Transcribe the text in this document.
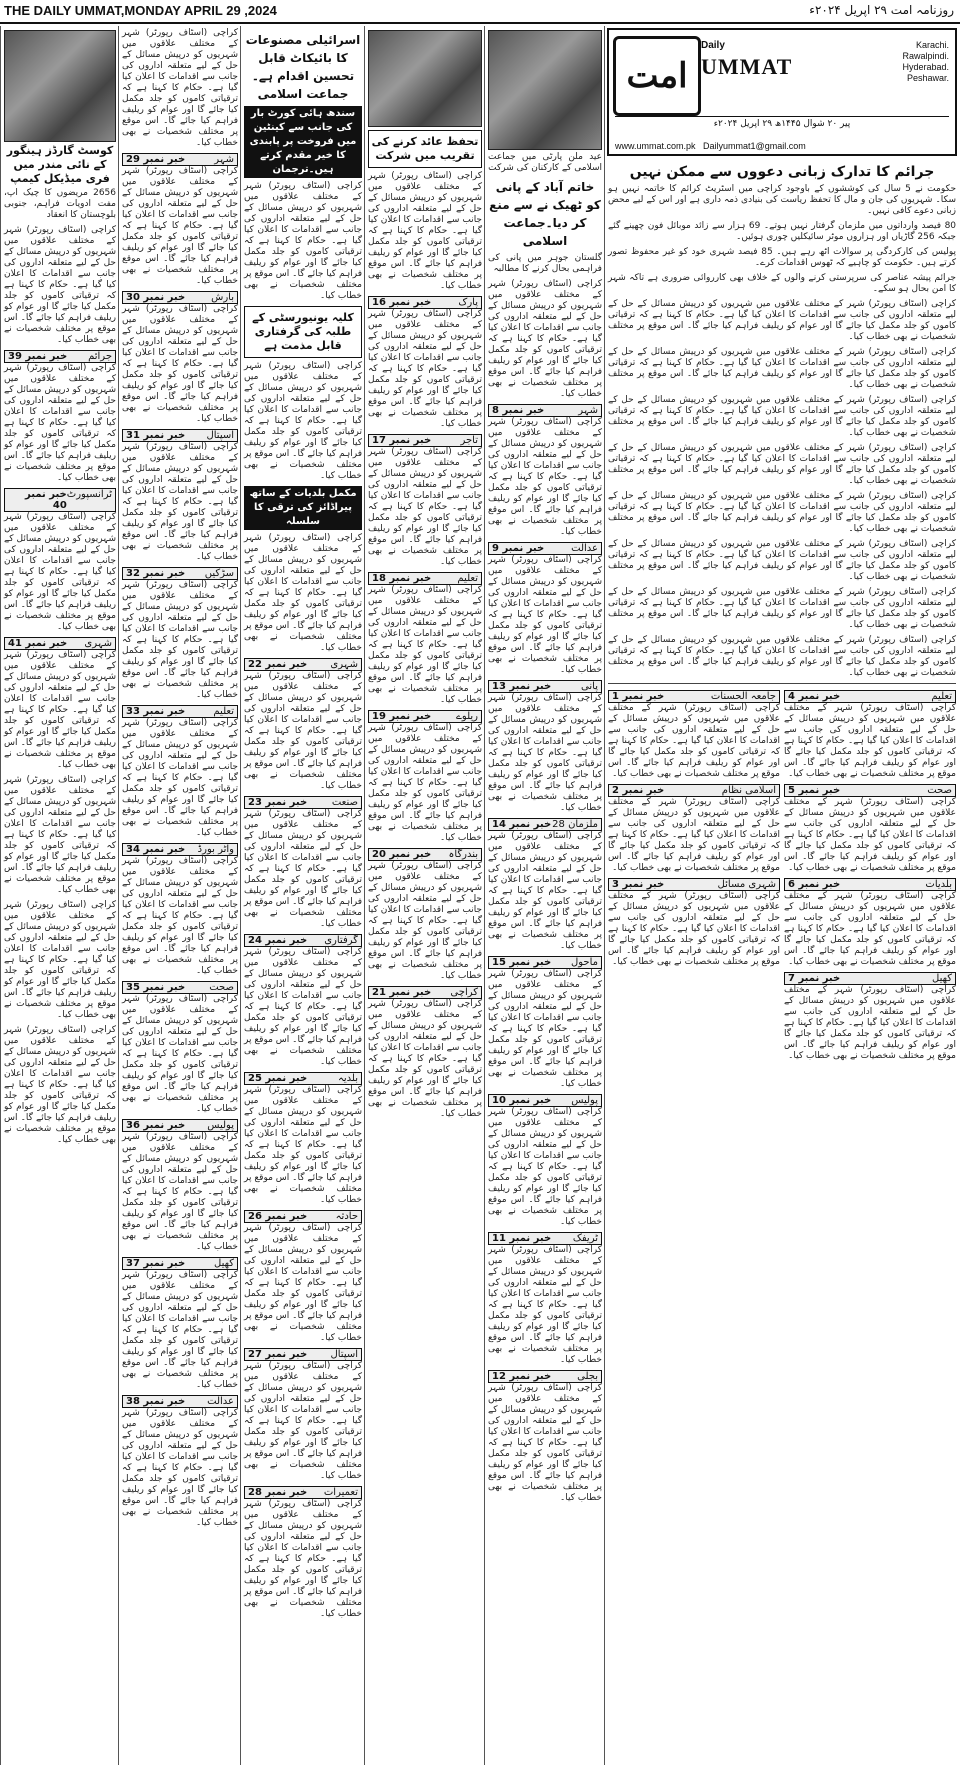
THE DAILY UMMAT,MONDAY APRIL 29 ,2024	روزنامہ امت ۲۹ اپریل ۲۰۲۴ء
کوسٹ گارڈز ہینگور کے نائی مندر میں فری میڈیکل کیمپ
2656 مریضوں کا چیک اپ، مفت ادویات فراہم، جنوبی بلوچستان کا انعقاد
کراچی (اسٹاف رپورٹر) شہر کے مختلف علاقوں میں شہریوں کو درپیش مسائل کے حل کے لیے متعلقہ اداروں کی جانب سے اقدامات کا اعلان کیا گیا ہے۔ حکام کا کہنا ہے کہ ترقیاتی کاموں کو جلد مکمل کیا جائے گا اور عوام کو ریلیف فراہم کیا جائے گا۔ اس موقع پر مختلف شخصیات نے بھی خطاب کیا۔
خبر نمبر 39 جرائم
کراچی (اسٹاف رپورٹر) شہر کے مختلف علاقوں میں شہریوں کو درپیش مسائل کے حل کے لیے متعلقہ اداروں کی جانب سے اقدامات کا اعلان کیا گیا ہے۔ حکام کا کہنا ہے کہ ترقیاتی کاموں کو جلد مکمل کیا جائے گا اور عوام کو ریلیف فراہم کیا جائے گا۔ اس موقع پر مختلف شخصیات نے بھی خطاب کیا۔
خبر نمبر 40
ٹرانسپورٹ
کراچی (اسٹاف رپورٹر) شہر کے مختلف علاقوں میں شہریوں کو درپیش مسائل کے حل کے لیے متعلقہ اداروں کی جانب سے اقدامات کا اعلان کیا گیا ہے۔ حکام کا کہنا ہے کہ ترقیاتی کاموں کو جلد مکمل کیا جائے گا اور عوام کو ریلیف فراہم کیا جائے گا۔ اس موقع پر مختلف شخصیات نے بھی خطاب کیا۔
خبر نمبر 41 شہری
کراچی (اسٹاف رپورٹر) شہر کے مختلف علاقوں میں شہریوں کو درپیش مسائل کے حل کے لیے متعلقہ اداروں کی جانب سے اقدامات کا اعلان کیا گیا ہے۔ حکام کا کہنا ہے کہ ترقیاتی کاموں کو جلد مکمل کیا جائے گا اور عوام کو ریلیف فراہم کیا جائے گا۔ اس موقع پر مختلف شخصیات نے بھی خطاب کیا۔
کراچی (اسٹاف رپورٹر) شہر کے مختلف علاقوں میں شہریوں کو درپیش مسائل کے حل کے لیے متعلقہ اداروں کی جانب سے اقدامات کا اعلان کیا گیا ہے۔ حکام کا کہنا ہے کہ ترقیاتی کاموں کو جلد مکمل کیا جائے گا اور عوام کو ریلیف فراہم کیا جائے گا۔ اس موقع پر مختلف شخصیات نے بھی خطاب کیا۔
کراچی (اسٹاف رپورٹر) شہر کے مختلف علاقوں میں شہریوں کو درپیش مسائل کے حل کے لیے متعلقہ اداروں کی جانب سے اقدامات کا اعلان کیا گیا ہے۔ حکام کا کہنا ہے کہ ترقیاتی کاموں کو جلد مکمل کیا جائے گا اور عوام کو ریلیف فراہم کیا جائے گا۔ اس موقع پر مختلف شخصیات نے بھی خطاب کیا۔
کراچی (اسٹاف رپورٹر) شہر کے مختلف علاقوں میں شہریوں کو درپیش مسائل کے حل کے لیے متعلقہ اداروں کی جانب سے اقدامات کا اعلان کیا گیا ہے۔ حکام کا کہنا ہے کہ ترقیاتی کاموں کو جلد مکمل کیا جائے گا اور عوام کو ریلیف فراہم کیا جائے گا۔ اس موقع پر مختلف شخصیات نے بھی خطاب کیا۔
کراچی (اسٹاف رپورٹر) شہر کے مختلف علاقوں میں شہریوں کو درپیش مسائل کے حل کے لیے متعلقہ اداروں کی جانب سے اقدامات کا اعلان کیا گیا ہے۔ حکام کا کہنا ہے کہ ترقیاتی کاموں کو جلد مکمل کیا جائے گا اور عوام کو ریلیف فراہم کیا جائے گا۔ اس موقع پر مختلف شخصیات نے بھی خطاب کیا۔
خبر نمبر 29	شہر
کراچی (اسٹاف رپورٹر) شہر کے مختلف علاقوں میں شہریوں کو درپیش مسائل کے حل کے لیے متعلقہ اداروں کی جانب سے اقدامات کا اعلان کیا گیا ہے۔ حکام کا کہنا ہے کہ ترقیاتی کاموں کو جلد مکمل کیا جائے گا اور عوام کو ریلیف فراہم کیا جائے گا۔ اس موقع پر مختلف شخصیات نے بھی خطاب کیا۔
خبر نمبر 30	بارش
کراچی (اسٹاف رپورٹر) شہر کے مختلف علاقوں میں شہریوں کو درپیش مسائل کے حل کے لیے متعلقہ اداروں کی جانب سے اقدامات کا اعلان کیا گیا ہے۔ حکام کا کہنا ہے کہ ترقیاتی کاموں کو جلد مکمل کیا جائے گا اور عوام کو ریلیف فراہم کیا جائے گا۔ اس موقع پر مختلف شخصیات نے بھی خطاب کیا۔
خبر نمبر 31 اسپتال
کراچی (اسٹاف رپورٹر) شہر کے مختلف علاقوں میں شہریوں کو درپیش مسائل کے حل کے لیے متعلقہ اداروں کی جانب سے اقدامات کا اعلان کیا گیا ہے۔ حکام کا کہنا ہے کہ ترقیاتی کاموں کو جلد مکمل کیا جائے گا اور عوام کو ریلیف فراہم کیا جائے گا۔ اس موقع پر مختلف شخصیات نے بھی خطاب کیا۔
خبر نمبر 32 سڑکیں
کراچی (اسٹاف رپورٹر) شہر کے مختلف علاقوں میں شہریوں کو درپیش مسائل کے حل کے لیے متعلقہ اداروں کی جانب سے اقدامات کا اعلان کیا گیا ہے۔ حکام کا کہنا ہے کہ ترقیاتی کاموں کو جلد مکمل کیا جائے گا اور عوام کو ریلیف فراہم کیا جائے گا۔ اس موقع پر مختلف شخصیات نے بھی خطاب کیا۔
خبر نمبر 33	تعلیم
کراچی (اسٹاف رپورٹر) شہر کے مختلف علاقوں میں شہریوں کو درپیش مسائل کے حل کے لیے متعلقہ اداروں کی جانب سے اقدامات کا اعلان کیا گیا ہے۔ حکام کا کہنا ہے کہ ترقیاتی کاموں کو جلد مکمل کیا جائے گا اور عوام کو ریلیف فراہم کیا جائے گا۔ اس موقع پر مختلف شخصیات نے بھی خطاب کیا۔
خبر نمبر 34 واٹر بورڈ
کراچی (اسٹاف رپورٹر) شہر کے مختلف علاقوں میں شہریوں کو درپیش مسائل کے حل کے لیے متعلقہ اداروں کی جانب سے اقدامات کا اعلان کیا گیا ہے۔ حکام کا کہنا ہے کہ ترقیاتی کاموں کو جلد مکمل کیا جائے گا اور عوام کو ریلیف فراہم کیا جائے گا۔ اس موقع پر مختلف شخصیات نے بھی خطاب کیا۔
خبر نمبر 35 صحت
کراچی (اسٹاف رپورٹر) شہر کے مختلف علاقوں میں شہریوں کو درپیش مسائل کے حل کے لیے متعلقہ اداروں کی جانب سے اقدامات کا اعلان کیا گیا ہے۔ حکام کا کہنا ہے کہ ترقیاتی کاموں کو جلد مکمل کیا جائے گا اور عوام کو ریلیف فراہم کیا جائے گا۔ اس موقع پر مختلف شخصیات نے بھی خطاب کیا۔
خبر نمبر 36 پولیس
کراچی (اسٹاف رپورٹر) شہر کے مختلف علاقوں میں شہریوں کو درپیش مسائل کے حل کے لیے متعلقہ اداروں کی جانب سے اقدامات کا اعلان کیا گیا ہے۔ حکام کا کہنا ہے کہ ترقیاتی کاموں کو جلد مکمل کیا جائے گا اور عوام کو ریلیف فراہم کیا جائے گا۔ اس موقع پر مختلف شخصیات نے بھی خطاب کیا۔
خبر نمبر 37	کھیل
کراچی (اسٹاف رپورٹر) شہر کے مختلف علاقوں میں شہریوں کو درپیش مسائل کے حل کے لیے متعلقہ اداروں کی جانب سے اقدامات کا اعلان کیا گیا ہے۔ حکام کا کہنا ہے کہ ترقیاتی کاموں کو جلد مکمل کیا جائے گا اور عوام کو ریلیف فراہم کیا جائے گا۔ اس موقع پر مختلف شخصیات نے بھی خطاب کیا۔
خبر نمبر 38 عدالت
کراچی (اسٹاف رپورٹر) شہر کے مختلف علاقوں میں شہریوں کو درپیش مسائل کے حل کے لیے متعلقہ اداروں کی جانب سے اقدامات کا اعلان کیا گیا ہے۔ حکام کا کہنا ہے کہ ترقیاتی کاموں کو جلد مکمل کیا جائے گا اور عوام کو ریلیف فراہم کیا جائے گا۔ اس موقع پر مختلف شخصیات نے بھی خطاب کیا۔
اسرائیلی مصنوعات کا بائیکاٹ قابل تحسین اقدام ہے۔جماعت اسلامی
سندھ ہائی کورٹ بار کی جانب سے کینٹین میں فروخت پر پابندی کا خیر مقدم کرتے ہیں۔ترجمان
کراچی (اسٹاف رپورٹر) شہر کے مختلف علاقوں میں شہریوں کو درپیش مسائل کے حل کے لیے متعلقہ اداروں کی جانب سے اقدامات کا اعلان کیا گیا ہے۔ حکام کا کہنا ہے کہ ترقیاتی کاموں کو جلد مکمل کیا جائے گا اور عوام کو ریلیف فراہم کیا جائے گا۔ اس موقع پر مختلف شخصیات نے بھی خطاب کیا۔
کلیہ یونیورسٹی کے طلبہ کی گرفتاری قابل مذمت ہے
کراچی (اسٹاف رپورٹر) شہر کے مختلف علاقوں میں شہریوں کو درپیش مسائل کے حل کے لیے متعلقہ اداروں کی جانب سے اقدامات کا اعلان کیا گیا ہے۔ حکام کا کہنا ہے کہ ترقیاتی کاموں کو جلد مکمل کیا جائے گا اور عوام کو ریلیف فراہم کیا جائے گا۔ اس موقع پر مختلف شخصیات نے بھی خطاب کیا۔
مکمل بلدیات کے ساتھ پیراڈائز کی ترقی کا سلسلہ
کراچی (اسٹاف رپورٹر) شہر کے مختلف علاقوں میں شہریوں کو درپیش مسائل کے حل کے لیے متعلقہ اداروں کی جانب سے اقدامات کا اعلان کیا گیا ہے۔ حکام کا کہنا ہے کہ ترقیاتی کاموں کو جلد مکمل کیا جائے گا اور عوام کو ریلیف فراہم کیا جائے گا۔ اس موقع پر مختلف شخصیات نے بھی خطاب کیا۔
خبر نمبر 22 شہری
کراچی (اسٹاف رپورٹر) شہر کے مختلف علاقوں میں شہریوں کو درپیش مسائل کے حل کے لیے متعلقہ اداروں کی جانب سے اقدامات کا اعلان کیا گیا ہے۔ حکام کا کہنا ہے کہ ترقیاتی کاموں کو جلد مکمل کیا جائے گا اور عوام کو ریلیف فراہم کیا جائے گا۔ اس موقع پر مختلف شخصیات نے بھی خطاب کیا۔
خبر نمبر 23 صنعت
کراچی (اسٹاف رپورٹر) شہر کے مختلف علاقوں میں شہریوں کو درپیش مسائل کے حل کے لیے متعلقہ اداروں کی جانب سے اقدامات کا اعلان کیا گیا ہے۔ حکام کا کہنا ہے کہ ترقیاتی کاموں کو جلد مکمل کیا جائے گا اور عوام کو ریلیف فراہم کیا جائے گا۔ اس موقع پر مختلف شخصیات نے بھی خطاب کیا۔
خبر نمبر 24 گرفتاری
کراچی (اسٹاف رپورٹر) شہر کے مختلف علاقوں میں شہریوں کو درپیش مسائل کے حل کے لیے متعلقہ اداروں کی جانب سے اقدامات کا اعلان کیا گیا ہے۔ حکام کا کہنا ہے کہ ترقیاتی کاموں کو جلد مکمل کیا جائے گا اور عوام کو ریلیف فراہم کیا جائے گا۔ اس موقع پر مختلف شخصیات نے بھی خطاب کیا۔
خبر نمبر 25	بلدیہ
کراچی (اسٹاف رپورٹر) شہر کے مختلف علاقوں میں شہریوں کو درپیش مسائل کے حل کے لیے متعلقہ اداروں کی جانب سے اقدامات کا اعلان کیا گیا ہے۔ حکام کا کہنا ہے کہ ترقیاتی کاموں کو جلد مکمل کیا جائے گا اور عوام کو ریلیف فراہم کیا جائے گا۔ اس موقع پر مختلف شخصیات نے بھی خطاب کیا۔
خبر نمبر 26	حادثہ
کراچی (اسٹاف رپورٹر) شہر کے مختلف علاقوں میں شہریوں کو درپیش مسائل کے حل کے لیے متعلقہ اداروں کی جانب سے اقدامات کا اعلان کیا گیا ہے۔ حکام کا کہنا ہے کہ ترقیاتی کاموں کو جلد مکمل کیا جائے گا اور عوام کو ریلیف فراہم کیا جائے گا۔ اس موقع پر مختلف شخصیات نے بھی خطاب کیا۔
خبر نمبر 27 اسپتال
کراچی (اسٹاف رپورٹر) شہر کے مختلف علاقوں میں شہریوں کو درپیش مسائل کے حل کے لیے متعلقہ اداروں کی جانب سے اقدامات کا اعلان کیا گیا ہے۔ حکام کا کہنا ہے کہ ترقیاتی کاموں کو جلد مکمل کیا جائے گا اور عوام کو ریلیف فراہم کیا جائے گا۔ اس موقع پر مختلف شخصیات نے بھی خطاب کیا۔
خبر نمبر 28 تعمیرات
کراچی (اسٹاف رپورٹر) شہر کے مختلف علاقوں میں شہریوں کو درپیش مسائل کے حل کے لیے متعلقہ اداروں کی جانب سے اقدامات کا اعلان کیا گیا ہے۔ حکام کا کہنا ہے کہ ترقیاتی کاموں کو جلد مکمل کیا جائے گا اور عوام کو ریلیف فراہم کیا جائے گا۔ اس موقع پر مختلف شخصیات نے بھی خطاب کیا۔
تحفظ عائد کرنے کی تقریب میں شرکت
کراچی (اسٹاف رپورٹر) شہر کے مختلف علاقوں میں شہریوں کو درپیش مسائل کے حل کے لیے متعلقہ اداروں کی جانب سے اقدامات کا اعلان کیا گیا ہے۔ حکام کا کہنا ہے کہ ترقیاتی کاموں کو جلد مکمل کیا جائے گا اور عوام کو ریلیف فراہم کیا جائے گا۔ اس موقع پر مختلف شخصیات نے بھی خطاب کیا۔
خبر نمبر 16	پارک
کراچی (اسٹاف رپورٹر) شہر کے مختلف علاقوں میں شہریوں کو درپیش مسائل کے حل کے لیے متعلقہ اداروں کی جانب سے اقدامات کا اعلان کیا گیا ہے۔ حکام کا کہنا ہے کہ ترقیاتی کاموں کو جلد مکمل کیا جائے گا اور عوام کو ریلیف فراہم کیا جائے گا۔ اس موقع پر مختلف شخصیات نے بھی خطاب کیا۔
خبر نمبر 17	تاجر
کراچی (اسٹاف رپورٹر) شہر کے مختلف علاقوں میں شہریوں کو درپیش مسائل کے حل کے لیے متعلقہ اداروں کی جانب سے اقدامات کا اعلان کیا گیا ہے۔ حکام کا کہنا ہے کہ ترقیاتی کاموں کو جلد مکمل کیا جائے گا اور عوام کو ریلیف فراہم کیا جائے گا۔ اس موقع پر مختلف شخصیات نے بھی خطاب کیا۔
خبر نمبر 18	تعلیم
کراچی (اسٹاف رپورٹر) شہر کے مختلف علاقوں میں شہریوں کو درپیش مسائل کے حل کے لیے متعلقہ اداروں کی جانب سے اقدامات کا اعلان کیا گیا ہے۔ حکام کا کہنا ہے کہ ترقیاتی کاموں کو جلد مکمل کیا جائے گا اور عوام کو ریلیف فراہم کیا جائے گا۔ اس موقع پر مختلف شخصیات نے بھی خطاب کیا۔
خبر نمبر 19 ریلوے
کراچی (اسٹاف رپورٹر) شہر کے مختلف علاقوں میں شہریوں کو درپیش مسائل کے حل کے لیے متعلقہ اداروں کی جانب سے اقدامات کا اعلان کیا گیا ہے۔ حکام کا کہنا ہے کہ ترقیاتی کاموں کو جلد مکمل کیا جائے گا اور عوام کو ریلیف فراہم کیا جائے گا۔ اس موقع پر مختلف شخصیات نے بھی خطاب کیا۔
خبر نمبر 20 بندرگاہ
کراچی (اسٹاف رپورٹر) شہر کے مختلف علاقوں میں شہریوں کو درپیش مسائل کے حل کے لیے متعلقہ اداروں کی جانب سے اقدامات کا اعلان کیا گیا ہے۔ حکام کا کہنا ہے کہ ترقیاتی کاموں کو جلد مکمل کیا جائے گا اور عوام کو ریلیف فراہم کیا جائے گا۔ اس موقع پر مختلف شخصیات نے بھی خطاب کیا۔
خبر نمبر 21 کراچی
کراچی (اسٹاف رپورٹر) شہر کے مختلف علاقوں میں شہریوں کو درپیش مسائل کے حل کے لیے متعلقہ اداروں کی جانب سے اقدامات کا اعلان کیا گیا ہے۔ حکام کا کہنا ہے کہ ترقیاتی کاموں کو جلد مکمل کیا جائے گا اور عوام کو ریلیف فراہم کیا جائے گا۔ اس موقع پر مختلف شخصیات نے بھی خطاب کیا۔
عید ملن پارٹی میں جماعت اسلامی کے کارکنان کی شرکت
خاتم آباد کے پانی کو ٹھیک نے سے منع کر دیا۔جماعت اسلامی
گلستان جوہر میں پانی کی فراہمی بحال کرنے کا مطالبہ
کراچی (اسٹاف رپورٹر) شہر کے مختلف علاقوں میں شہریوں کو درپیش مسائل کے حل کے لیے متعلقہ اداروں کی جانب سے اقدامات کا اعلان کیا گیا ہے۔ حکام کا کہنا ہے کہ ترقیاتی کاموں کو جلد مکمل کیا جائے گا اور عوام کو ریلیف فراہم کیا جائے گا۔ اس موقع پر مختلف شخصیات نے بھی خطاب کیا۔
خبر نمبر 8	شہر
کراچی (اسٹاف رپورٹر) شہر کے مختلف علاقوں میں شہریوں کو درپیش مسائل کے حل کے لیے متعلقہ اداروں کی جانب سے اقدامات کا اعلان کیا گیا ہے۔ حکام کا کہنا ہے کہ ترقیاتی کاموں کو جلد مکمل کیا جائے گا اور عوام کو ریلیف فراہم کیا جائے گا۔ اس موقع پر مختلف شخصیات نے بھی خطاب کیا۔
خبر نمبر 9	عدالت
کراچی (اسٹاف رپورٹر) شہر کے مختلف علاقوں میں شہریوں کو درپیش مسائل کے حل کے لیے متعلقہ اداروں کی جانب سے اقدامات کا اعلان کیا گیا ہے۔ حکام کا کہنا ہے کہ ترقیاتی کاموں کو جلد مکمل کیا جائے گا اور عوام کو ریلیف فراہم کیا جائے گا۔ اس موقع پر مختلف شخصیات نے بھی خطاب کیا۔
خبر نمبر 13	پانی
کراچی (اسٹاف رپورٹر) شہر کے مختلف علاقوں میں شہریوں کو درپیش مسائل کے حل کے لیے متعلقہ اداروں کی جانب سے اقدامات کا اعلان کیا گیا ہے۔ حکام کا کہنا ہے کہ ترقیاتی کاموں کو جلد مکمل کیا جائے گا اور عوام کو ریلیف فراہم کیا جائے گا۔ اس موقع پر مختلف شخصیات نے بھی خطاب کیا۔
خبر نمبر 14 28 ملزمان
کراچی (اسٹاف رپورٹر) شہر کے مختلف علاقوں میں شہریوں کو درپیش مسائل کے حل کے لیے متعلقہ اداروں کی جانب سے اقدامات کا اعلان کیا گیا ہے۔ حکام کا کہنا ہے کہ ترقیاتی کاموں کو جلد مکمل کیا جائے گا اور عوام کو ریلیف فراہم کیا جائے گا۔ اس موقع پر مختلف شخصیات نے بھی خطاب کیا۔
خبر نمبر 15 ماحول
کراچی (اسٹاف رپورٹر) شہر کے مختلف علاقوں میں شہریوں کو درپیش مسائل کے حل کے لیے متعلقہ اداروں کی جانب سے اقدامات کا اعلان کیا گیا ہے۔ حکام کا کہنا ہے کہ ترقیاتی کاموں کو جلد مکمل کیا جائے گا اور عوام کو ریلیف فراہم کیا جائے گا۔ اس موقع پر مختلف شخصیات نے بھی خطاب کیا۔
خبر نمبر 10 پولیس
کراچی (اسٹاف رپورٹر) شہر کے مختلف علاقوں میں شہریوں کو درپیش مسائل کے حل کے لیے متعلقہ اداروں کی جانب سے اقدامات کا اعلان کیا گیا ہے۔ حکام کا کہنا ہے کہ ترقیاتی کاموں کو جلد مکمل کیا جائے گا اور عوام کو ریلیف فراہم کیا جائے گا۔ اس موقع پر مختلف شخصیات نے بھی خطاب کیا۔
خبر نمبر 11 ٹریفک
کراچی (اسٹاف رپورٹر) شہر کے مختلف علاقوں میں شہریوں کو درپیش مسائل کے حل کے لیے متعلقہ اداروں کی جانب سے اقدامات کا اعلان کیا گیا ہے۔ حکام کا کہنا ہے کہ ترقیاتی کاموں کو جلد مکمل کیا جائے گا اور عوام کو ریلیف فراہم کیا جائے گا۔ اس موقع پر مختلف شخصیات نے بھی خطاب کیا۔
خبر نمبر 12	بجلی
کراچی (اسٹاف رپورٹر) شہر کے مختلف علاقوں میں شہریوں کو درپیش مسائل کے حل کے لیے متعلقہ اداروں کی جانب سے اقدامات کا اعلان کیا گیا ہے۔ حکام کا کہنا ہے کہ ترقیاتی کاموں کو جلد مکمل کیا جائے گا اور عوام کو ریلیف فراہم کیا جائے گا۔ اس موقع پر مختلف شخصیات نے بھی خطاب کیا۔
امت
Daily
UMMAT
Karachi.
Rawalpindi.
Hyderabad.
Peshawar.
پیر ۲۰ شوال ۱۴۴۵ھ ۲۹ اپریل ۲۰۲۴ء
www.ummat.com.pk Dailyummat1@gmail.com
جرائم کا تدارک زبانی دعووں سے ممکن نہیں
حکومت نے 5 سال کی کوششوں کے باوجود کراچی میں اسٹریٹ کرائم کا خاتمہ نہیں ہو سکا۔ شہریوں کی جان و مال کا تحفظ ریاست کی بنیادی ذمہ داری ہے اور اس کے لیے محض زبانی دعوے کافی نہیں۔
80 فیصد وارداتوں میں ملزمان گرفتار نہیں ہوتے۔ 69 ہزار سے زائد موبائل فون چھینے گئے جبکہ 256 گاڑیاں اور ہزاروں موٹر سائیکلیں چوری ہوئیں۔
پولیس کی کارکردگی پر سوالات اٹھ رہے ہیں۔ 85 فیصد شہری خود کو غیر محفوظ تصور کرتے ہیں۔ حکومت کو چاہیے کہ ٹھوس اقدامات کرے۔
جرائم پیشہ عناصر کی سرپرستی کرنے والوں کے خلاف بھی کارروائی ضروری ہے تاکہ شہر کا امن بحال ہو سکے۔
کراچی (اسٹاف رپورٹر) شہر کے مختلف علاقوں میں شہریوں کو درپیش مسائل کے حل کے لیے متعلقہ اداروں کی جانب سے اقدامات کا اعلان کیا گیا ہے۔ حکام کا کہنا ہے کہ ترقیاتی کاموں کو جلد مکمل کیا جائے گا اور عوام کو ریلیف فراہم کیا جائے گا۔ اس موقع پر مختلف شخصیات نے بھی خطاب کیا۔
کراچی (اسٹاف رپورٹر) شہر کے مختلف علاقوں میں شہریوں کو درپیش مسائل کے حل کے لیے متعلقہ اداروں کی جانب سے اقدامات کا اعلان کیا گیا ہے۔ حکام کا کہنا ہے کہ ترقیاتی کاموں کو جلد مکمل کیا جائے گا اور عوام کو ریلیف فراہم کیا جائے گا۔ اس موقع پر مختلف شخصیات نے بھی خطاب کیا۔
کراچی (اسٹاف رپورٹر) شہر کے مختلف علاقوں میں شہریوں کو درپیش مسائل کے حل کے لیے متعلقہ اداروں کی جانب سے اقدامات کا اعلان کیا گیا ہے۔ حکام کا کہنا ہے کہ ترقیاتی کاموں کو جلد مکمل کیا جائے گا اور عوام کو ریلیف فراہم کیا جائے گا۔ اس موقع پر مختلف شخصیات نے بھی خطاب کیا۔
کراچی (اسٹاف رپورٹر) شہر کے مختلف علاقوں میں شہریوں کو درپیش مسائل کے حل کے لیے متعلقہ اداروں کی جانب سے اقدامات کا اعلان کیا گیا ہے۔ حکام کا کہنا ہے کہ ترقیاتی کاموں کو جلد مکمل کیا جائے گا اور عوام کو ریلیف فراہم کیا جائے گا۔ اس موقع پر مختلف شخصیات نے بھی خطاب کیا۔
کراچی (اسٹاف رپورٹر) شہر کے مختلف علاقوں میں شہریوں کو درپیش مسائل کے حل کے لیے متعلقہ اداروں کی جانب سے اقدامات کا اعلان کیا گیا ہے۔ حکام کا کہنا ہے کہ ترقیاتی کاموں کو جلد مکمل کیا جائے گا اور عوام کو ریلیف فراہم کیا جائے گا۔ اس موقع پر مختلف شخصیات نے بھی خطاب کیا۔
کراچی (اسٹاف رپورٹر) شہر کے مختلف علاقوں میں شہریوں کو درپیش مسائل کے حل کے لیے متعلقہ اداروں کی جانب سے اقدامات کا اعلان کیا گیا ہے۔ حکام کا کہنا ہے کہ ترقیاتی کاموں کو جلد مکمل کیا جائے گا اور عوام کو ریلیف فراہم کیا جائے گا۔ اس موقع پر مختلف شخصیات نے بھی خطاب کیا۔
کراچی (اسٹاف رپورٹر) شہر کے مختلف علاقوں میں شہریوں کو درپیش مسائل کے حل کے لیے متعلقہ اداروں کی جانب سے اقدامات کا اعلان کیا گیا ہے۔ حکام کا کہنا ہے کہ ترقیاتی کاموں کو جلد مکمل کیا جائے گا اور عوام کو ریلیف فراہم کیا جائے گا۔ اس موقع پر مختلف شخصیات نے بھی خطاب کیا۔
کراچی (اسٹاف رپورٹر) شہر کے مختلف علاقوں میں شہریوں کو درپیش مسائل کے حل کے لیے متعلقہ اداروں کی جانب سے اقدامات کا اعلان کیا گیا ہے۔ حکام کا کہنا ہے کہ ترقیاتی کاموں کو جلد مکمل کیا جائے گا اور عوام کو ریلیف فراہم کیا جائے گا۔ اس موقع پر مختلف شخصیات نے بھی خطاب کیا۔
خبر نمبر 1	جامعہ الحسنات
کراچی (اسٹاف رپورٹر) شہر کے مختلف علاقوں میں شہریوں کو درپیش مسائل کے حل کے لیے متعلقہ اداروں کی جانب سے اقدامات کا اعلان کیا گیا ہے۔ حکام کا کہنا ہے کہ ترقیاتی کاموں کو جلد مکمل کیا جائے گا اور عوام کو ریلیف فراہم کیا جائے گا۔ اس موقع پر مختلف شخصیات نے بھی خطاب کیا۔
خبر نمبر 2	اسلامی نظام
کراچی (اسٹاف رپورٹر) شہر کے مختلف علاقوں میں شہریوں کو درپیش مسائل کے حل کے لیے متعلقہ اداروں کی جانب سے اقدامات کا اعلان کیا گیا ہے۔ حکام کا کہنا ہے کہ ترقیاتی کاموں کو جلد مکمل کیا جائے گا اور عوام کو ریلیف فراہم کیا جائے گا۔ اس موقع پر مختلف شخصیات نے بھی خطاب کیا۔
خبر نمبر 3	شہری مسائل
کراچی (اسٹاف رپورٹر) شہر کے مختلف علاقوں میں شہریوں کو درپیش مسائل کے حل کے لیے متعلقہ اداروں کی جانب سے اقدامات کا اعلان کیا گیا ہے۔ حکام کا کہنا ہے کہ ترقیاتی کاموں کو جلد مکمل کیا جائے گا اور عوام کو ریلیف فراہم کیا جائے گا۔ اس موقع پر مختلف شخصیات نے بھی خطاب کیا۔
خبر نمبر 4	تعلیم
کراچی (اسٹاف رپورٹر) شہر کے مختلف علاقوں میں شہریوں کو درپیش مسائل کے حل کے لیے متعلقہ اداروں کی جانب سے اقدامات کا اعلان کیا گیا ہے۔ حکام کا کہنا ہے کہ ترقیاتی کاموں کو جلد مکمل کیا جائے گا اور عوام کو ریلیف فراہم کیا جائے گا۔ اس موقع پر مختلف شخصیات نے بھی خطاب کیا۔
خبر نمبر 5	صحت
کراچی (اسٹاف رپورٹر) شہر کے مختلف علاقوں میں شہریوں کو درپیش مسائل کے حل کے لیے متعلقہ اداروں کی جانب سے اقدامات کا اعلان کیا گیا ہے۔ حکام کا کہنا ہے کہ ترقیاتی کاموں کو جلد مکمل کیا جائے گا اور عوام کو ریلیف فراہم کیا جائے گا۔ اس موقع پر مختلف شخصیات نے بھی خطاب کیا۔
خبر نمبر 6	بلدیات
کراچی (اسٹاف رپورٹر) شہر کے مختلف علاقوں میں شہریوں کو درپیش مسائل کے حل کے لیے متعلقہ اداروں کی جانب سے اقدامات کا اعلان کیا گیا ہے۔ حکام کا کہنا ہے کہ ترقیاتی کاموں کو جلد مکمل کیا جائے گا اور عوام کو ریلیف فراہم کیا جائے گا۔ اس موقع پر مختلف شخصیات نے بھی خطاب کیا۔
خبر نمبر 7	کھیل
کراچی (اسٹاف رپورٹر) شہر کے مختلف علاقوں میں شہریوں کو درپیش مسائل کے حل کے لیے متعلقہ اداروں کی جانب سے اقدامات کا اعلان کیا گیا ہے۔ حکام کا کہنا ہے کہ ترقیاتی کاموں کو جلد مکمل کیا جائے گا اور عوام کو ریلیف فراہم کیا جائے گا۔ اس موقع پر مختلف شخصیات نے بھی خطاب کیا۔
